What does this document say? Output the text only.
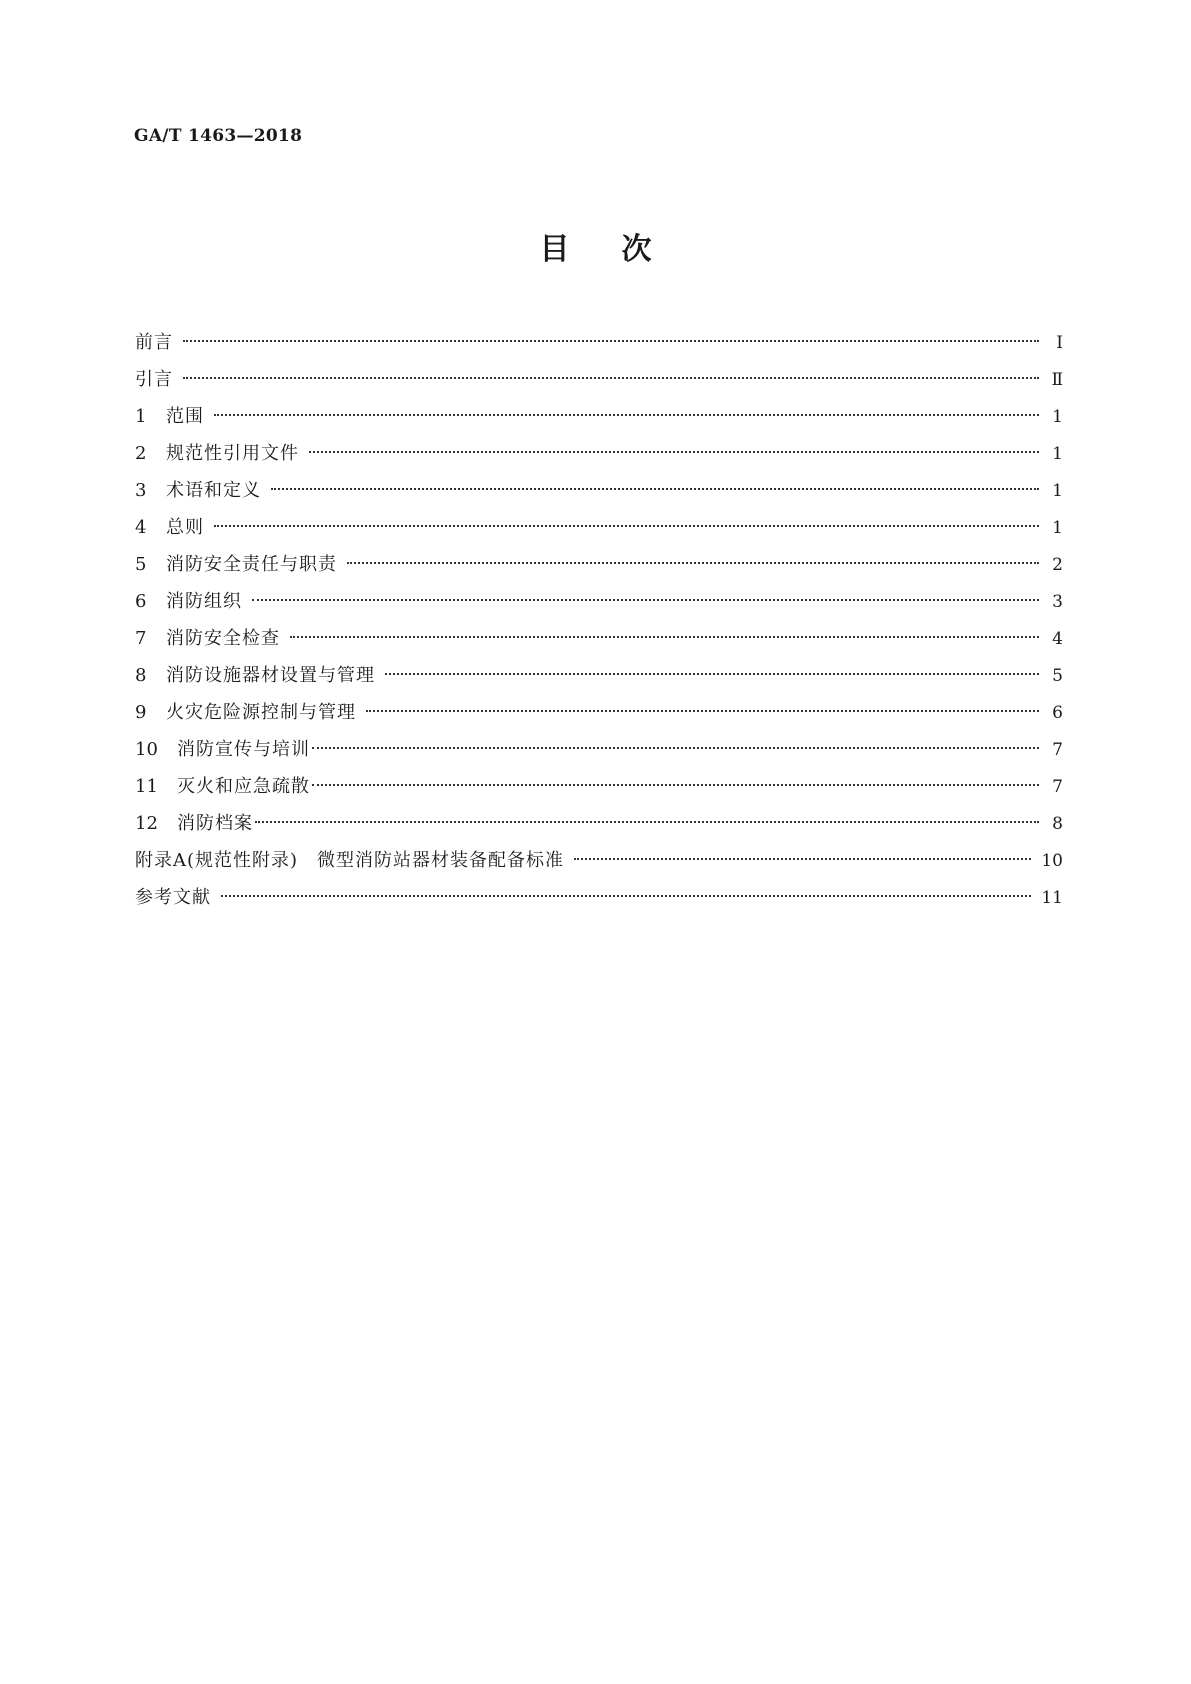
GA/T 1463—2018
目次
前言	Ⅰ
引言	Ⅱ
1	范围	1
2	规范性引用文件	1
3	术语和定义	1
4	总则	1
5	消防安全责任与职责	2
6	消防组织	3
7	消防安全检查	4
8	消防设施器材设置与管理	5
9	火灾危险源控制与管理	6
10	消防宣传与培训	7
11	灭火和应急疏散	7
12	消防档案	8
附录A(规范性附录)　微型消防站器材装备配备标准	10
参考文献	11
